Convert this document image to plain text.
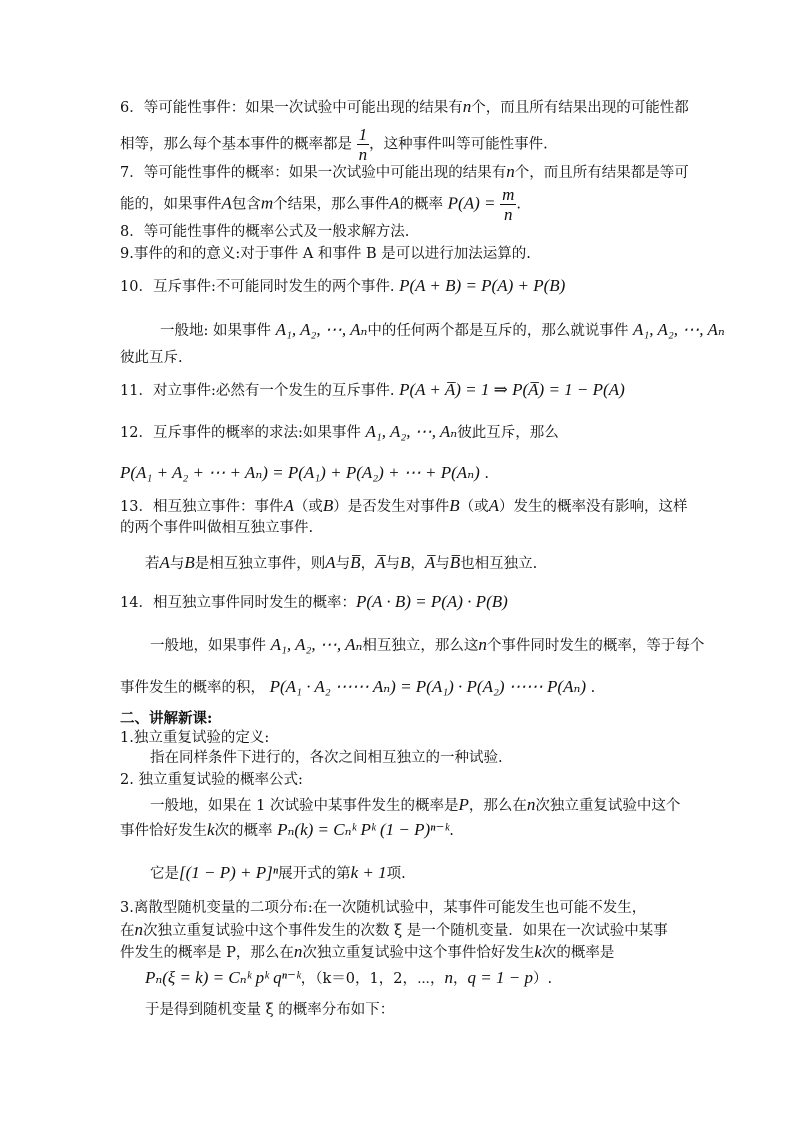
6．等可能性事件：如果一次试验中可能出现的结果有n个，而且所有结果出现的可能性都
相等，那么每个基本事件的概率都是 $\frac{1}{n}$ ，这种事件叫等可能性事件.
7．等可能性事件的概率：如果一次试验中可能出现的结果有n个，而且所有结果都是等可
能的，如果事件A包含m个结果，那么事件A的概率 $P(A) = \frac{m}{n}$ .
8．等可能性事件的概率公式及一般求解方法.
9.事件的和的意义:对于事件 A 和事件 B 是可以进行加法运算的.
10．互斥事件:不可能同时发生的两个事件. P(A + B) = P(A) + P(B)
一般地: 如果事件 A₁, A₂, ⋯, Aₙ中的任何两个都是互斥的，那么就说事件 A₁, A₂, ⋯, Aₙ
彼此互斥.
11．对立事件:必然有一个发生的互斥事件. P(A + A̅) = 1 ⇒ P(A̅) = 1 − P(A)
12．互斥事件的概率的求法:如果事件 A₁, A₂, ⋯, Aₙ彼此互斥，那么
P(A₁ + A₂ + ⋯ + Aₙ) = P(A₁) + P(A₂) + ⋯ + P(Aₙ) .
13．相互独立事件：事件A（或B）是否发生对事件B（或A）发生的概率没有影响，这样
的两个事件叫做相互独立事件.
若A与B是相互独立事件，则A与B̅，A̅与B，A̅与B̅也相互独立.
14．相互独立事件同时发生的概率：P(A · B) = P(A) · P(B)
一般地，如果事件 A₁, A₂, ⋯, Aₙ相互独立，那么这n个事件同时发生的概率，等于每个
事件发生的概率的积， P(A₁ · A₂ ⋯⋯ Aₙ) = P(A₁) · P(A₂) ⋯⋯ P(Aₙ) .
二、讲解新课:
1.独立重复试验的定义:
指在同样条件下进行的，各次之间相互独立的一种试验.
2. 独立重复试验的概率公式:
一般地，如果在 1 次试验中某事件发生的概率是P，那么在n次独立重复试验中这个
事件恰好发生k次的概率 Pₙ(k) = Cₙᵏ Pᵏ (1 − P)ⁿ⁻ᵏ.
它是[(1 − P) + P]ⁿ展开式的第k + 1项.
3.离散型随机变量的二项分布:在一次随机试验中，某事件可能发生也可能不发生，
在n次独立重复试验中这个事件发生的次数 ξ 是一个随机变量．如果在一次试验中某事
件发生的概率是 P，那么在n次独立重复试验中这个事件恰好发生k次的概率是
Pₙ(ξ = k) = Cₙᵏ pᵏ qⁿ⁻ᵏ，（k＝0，1，2，⋯，n，q = 1 − p）.
于是得到随机变量 ξ 的概率分布如下：
